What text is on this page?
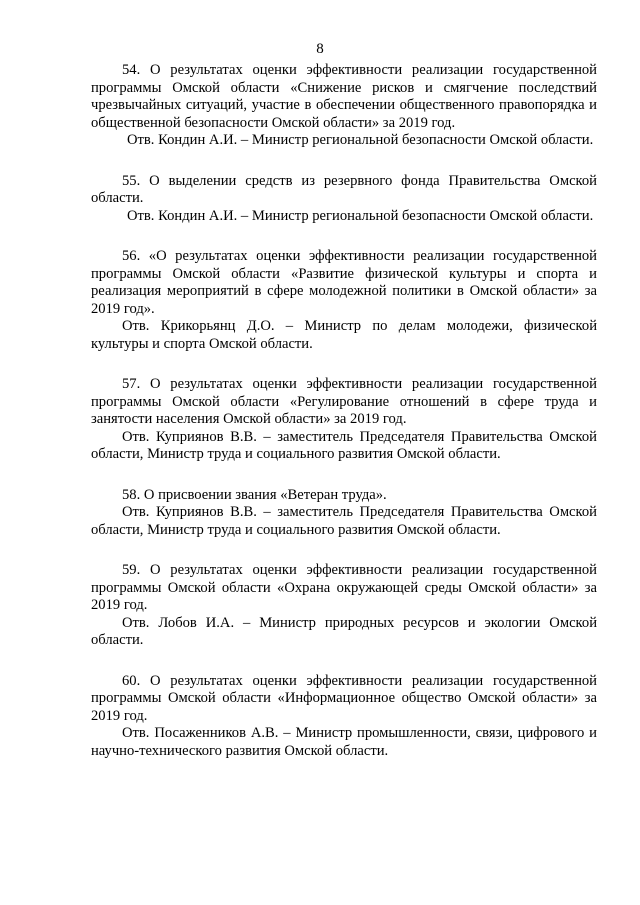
8

54. О результатах оценки эффективности реализации государственной программы Омской области «Снижение рисков и смягчение последствий чрезвычайных ситуаций, участие в обеспечении общественного правопорядка и общественной безопасности Омской области» за 2019 год.

Отв. Кондин А.И. – Министр региональной безопасности Омской области.

55. О выделении средств из резервного фонда Правительства Омской области.

Отв. Кондин А.И. – Министр региональной безопасности Омской области.

56. «О результатах оценки эффективности реализации государственной программы Омской области «Развитие физической культуры и спорта и реализация мероприятий в сфере молодежной политики в Омской области» за 2019 год».

Отв. Крикорьянц Д.О. – Министр по делам молодежи, физической культуры и спорта Омской области.

57. О результатах оценки эффективности реализации государственной программы Омской области «Регулирование отношений в сфере труда и занятости населения Омской области» за 2019 год.

Отв. Куприянов В.В. – заместитель Председателя Правительства Омской области, Министр труда и социального развития Омской области.

58. О присвоении звания «Ветеран труда».

Отв. Куприянов В.В. – заместитель Председателя Правительства Омской области, Министр труда и социального развития Омской области.

59. О результатах оценки эффективности реализации государственной программы Омской области «Охрана окружающей среды Омской области» за 2019 год.

Отв. Лобов И.А. – Министр природных ресурсов и экологии Омской области.

60. О результатах оценки эффективности реализации государственной программы Омской области «Информационное общество Омской области» за 2019 год.

Отв. Посаженников А.В. – Министр промышленности, связи, цифрового и научно-технического развития Омской области.
